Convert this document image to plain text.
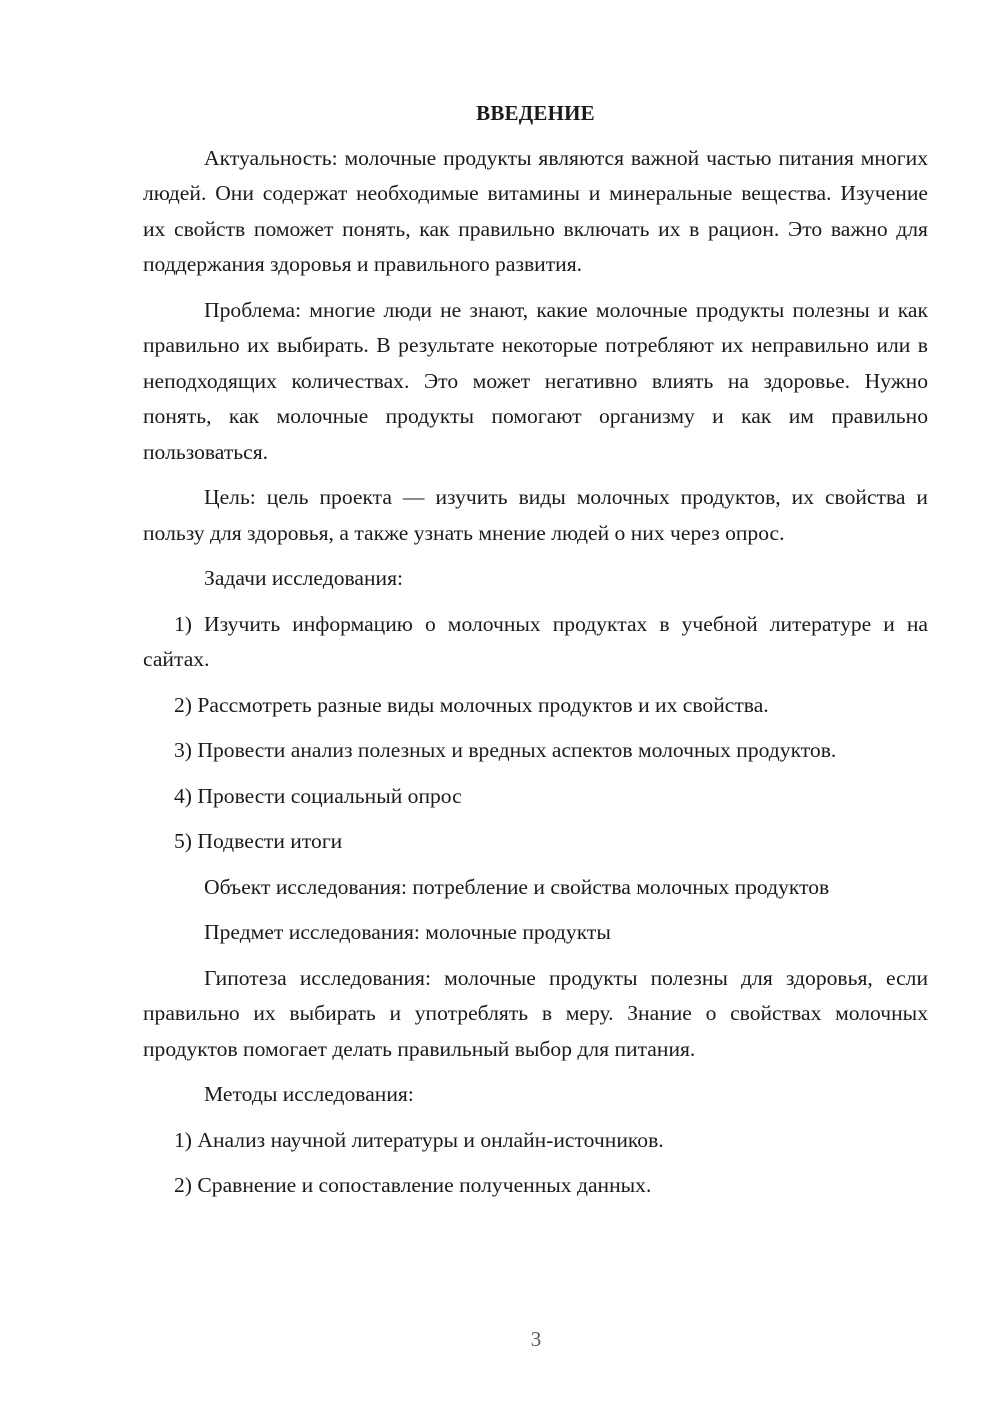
ВВЕДЕНИЕ

Актуальность: молочные продукты являются важной частью питания многих людей. Они содержат необходимые витамины и минеральные вещества. Изучение их свойств поможет понять, как правильно включать их в рацион. Это важно для поддержания здоровья и правильного развития.

Проблема: многие люди не знают, какие молочные продукты полезны и как правильно их выбирать. В результате некоторые потребляют их неправильно или в неподходящих количествах. Это может негативно влиять на здоровье. Нужно понять, как молочные продукты помогают организму и как им правильно пользоваться.

Цель: цель проекта — изучить виды молочных продуктов, их свойства и пользу для здоровья, а также узнать мнение людей о них через опрос.

Задачи исследования:

1) Изучить информацию о молочных продуктах в учебной литературе и на сайтах.

2) Рассмотреть разные виды молочных продуктов и их свойства.

3) Провести анализ полезных и вредных аспектов молочных продуктов.

4) Провести социальный опрос

5) Подвести итоги

Объект исследования: потребление и свойства молочных продуктов

Предмет исследования: молочные продукты

Гипотеза исследования: молочные продукты полезны для здоровья, если правильно их выбирать и употреблять в меру. Знание о свойствах молочных продуктов помогает делать правильный выбор для питания.

Методы исследования:

1) Анализ научной литературы и онлайн-источников.

2) Сравнение и сопоставление полученных данных.

3
